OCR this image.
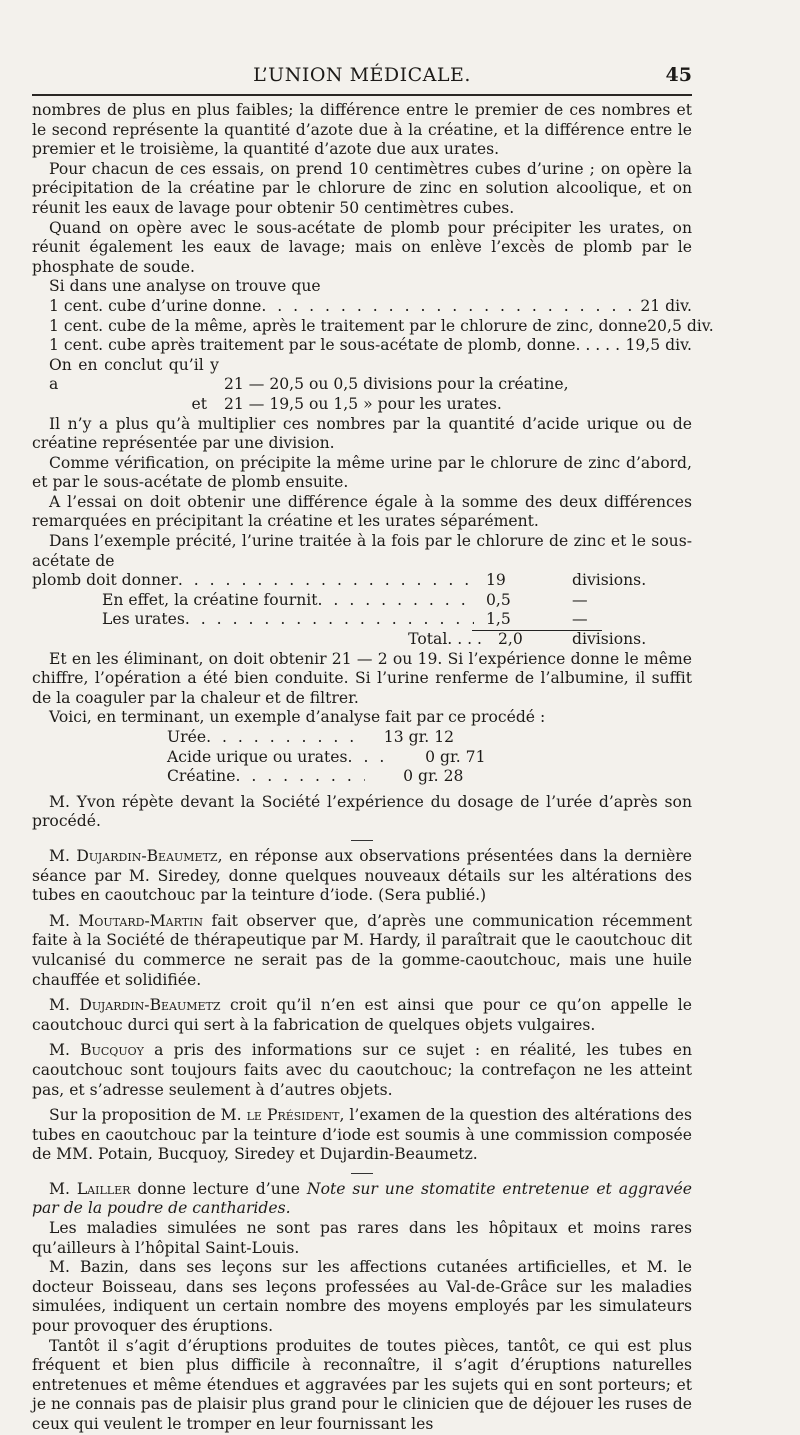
L’UNION MÉDICALE.	45

nombres de plus en plus faibles; la différence entre le premier de ces nombres et le second représente la quantité d’azote due à la créatine, et la différence entre le premier et le troisième, la quantité d’azote due aux urates.

Pour chacun de ces essais, on prend 10 centimètres cubes d’urine ; on opère la précipitation de la créatine par le chlorure de zinc en solution alcoolique, et on réunit les eaux de lavage pour obtenir 50 centimètres cubes.

Quand on opère avec le sous-acétate de plomb pour précipiter les urates, on réunit également les eaux de lavage; mais on enlève l’excès de plomb par le phosphate de soude.

Si dans une analyse on trouve que

1 cent. cube d’urine donne . . .	21 div.
1 cent. cube de la même, après le traitement par le chlorure de zinc, donne 20,5 div.
1 cent. cube après traitement par le sous-acétate de plomb, donne. . . . . 19,5 div.
On en conclut qu’il y a	21 — 20,5 ou 0,5 divisions pour la créatine,
et 21 — 19,5 ou 1,5 » pour les urates.

Il n’y a plus qu’à multiplier ces nombres par la quantité d’acide urique ou de créatine représentée par une division.

Comme vérification, on précipite la même urine par le chlorure de zinc d’abord, et par le sous-acétate de plomb ensuite.

A l’essai on doit obtenir une différence égale à la somme des deux différences remarquées en précipitant la créatine et les urates séparément.

Dans l’exemple précité, l’urine traitée à la fois par le chlorure de zinc et le sous-acétate de

plomb doit donner . . .	19	divisions.
En effet, la créatine fournit . . .	0,5	—
Les urates . . .	1,5	—
Total. . . .	2,0	divisions.

Et en les éliminant, on doit obtenir 21 — 2 ou 19. Si l’expérience donne le même chiffre, l’opération a été bien conduite. Si l’urine renferme de l’albumine, il suffit de la coaguler par la chaleur et de filtrer.

Voici, en terminant, un exemple d’analyse fait par ce procédé :

Urée . . .	13 gr. 12
Acide urique ou urates . . .	0 gr. 71
Créatine . . .	0 gr. 28

M. Yvon répète devant la Société l’expérience du dosage de l’urée d’après son procédé.

M. Dujardin-Beaumetz, en réponse aux observations présentées dans la dernière séance par M. Siredey, donne quelques nouveaux détails sur les altérations des tubes en caoutchouc par la teinture d’iode. (Sera publié.)

M. Moutard-Martin fait observer que, d’après une communication récemment faite à la Société de thérapeutique par M. Hardy, il paraîtrait que le caoutchouc dit vulcanisé du commerce ne serait pas de la gomme-caoutchouc, mais une huile chauffée et solidifiée.

M. Dujardin-Beaumetz croit qu’il n’en est ainsi que pour ce qu’on appelle le caoutchouc durci qui sert à la fabrication de quelques objets vulgaires.

M. Bucquoy a pris des informations sur ce sujet : en réalité, les tubes en caoutchouc sont toujours faits avec du caoutchouc; la contrefaçon ne les atteint pas, et s’adresse seulement à d’autres objets.

Sur la proposition de M. le Président, l’examen de la question des altérations des tubes en caoutchouc par la teinture d’iode est soumis à une commission composée de MM. Potain, Bucquoy, Siredey et Dujardin-Beaumetz.

M. Lailler donne lecture d’une Note sur une stomatite entretenue et aggravée par de la poudre de cantharides.

Les maladies simulées ne sont pas rares dans les hôpitaux et moins rares qu’ailleurs à l’hôpital Saint-Louis.

M. Bazin, dans ses leçons sur les affections cutanées artificielles, et M. le docteur Boisseau, dans ses leçons professées au Val-de-Grâce sur les maladies simulées, indiquent un certain nombre des moyens employés par les simulateurs pour provoquer des éruptions.

Tantôt il s’agit d’éruptions produites de toutes pièces, tantôt, ce qui est plus fréquent et bien plus difficile à reconnaître, il s’agit d’éruptions naturelles entretenues et même étendues et aggravées par les sujets qui en sont porteurs; et je ne connais pas de plaisir plus grand pour le clinicien que de déjouer les ruses de ceux qui veulent le tromper en leur fournissant les
